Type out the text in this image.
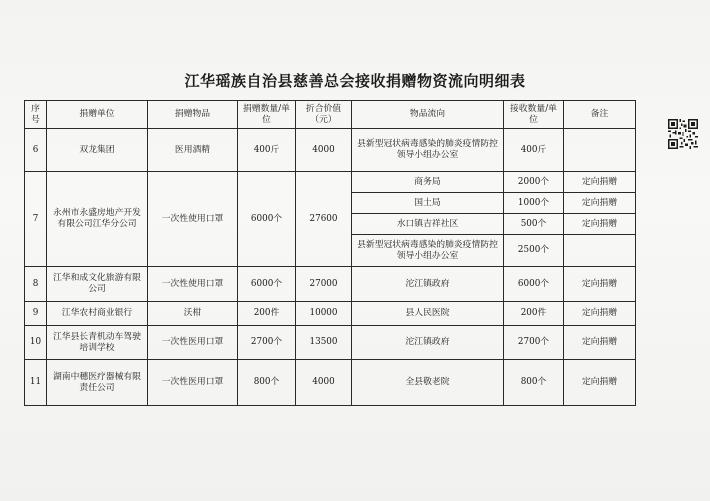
江华瑶族自治县慈善总会接收捐赠物资流向明细表
序号	捐赠单位	捐赠物品	捐赠数量/单位	折合价值（元）	物品流向	接收数量/单位	备注
6	双龙集团	医用酒精	400斤	4000	县新型冠状病毒感染的肺炎疫情防控领导小组办公室	400斤	
7	永州市永盛房地产开发有限公司江华分公司	一次性使用口罩	6000个	27600	商务局	2000个	定向捐赠
					国土局	1000个	定向捐赠
					水口镇吉祥社区	500个	定向捐赠
					县新型冠状病毒感染的肺炎疫情防控领导小组办公室	2500个	
8	江华和成文化旅游有限公司	一次性使用口罩	6000个	27000	沱江镇政府	6000个	定向捐赠
9	江华农村商业银行	沃柑	200件	10000	县人民医院	200件	定向捐赠
10	江华县长青机动车驾驶培训学校	一次性医用口罩	2700个	13500	沱江镇政府	2700个	定向捐赠
11	湖南中穗医疗器械有限责任公司	一次性医用口罩	800个	4000	全县敬老院	800个	定向捐赠
